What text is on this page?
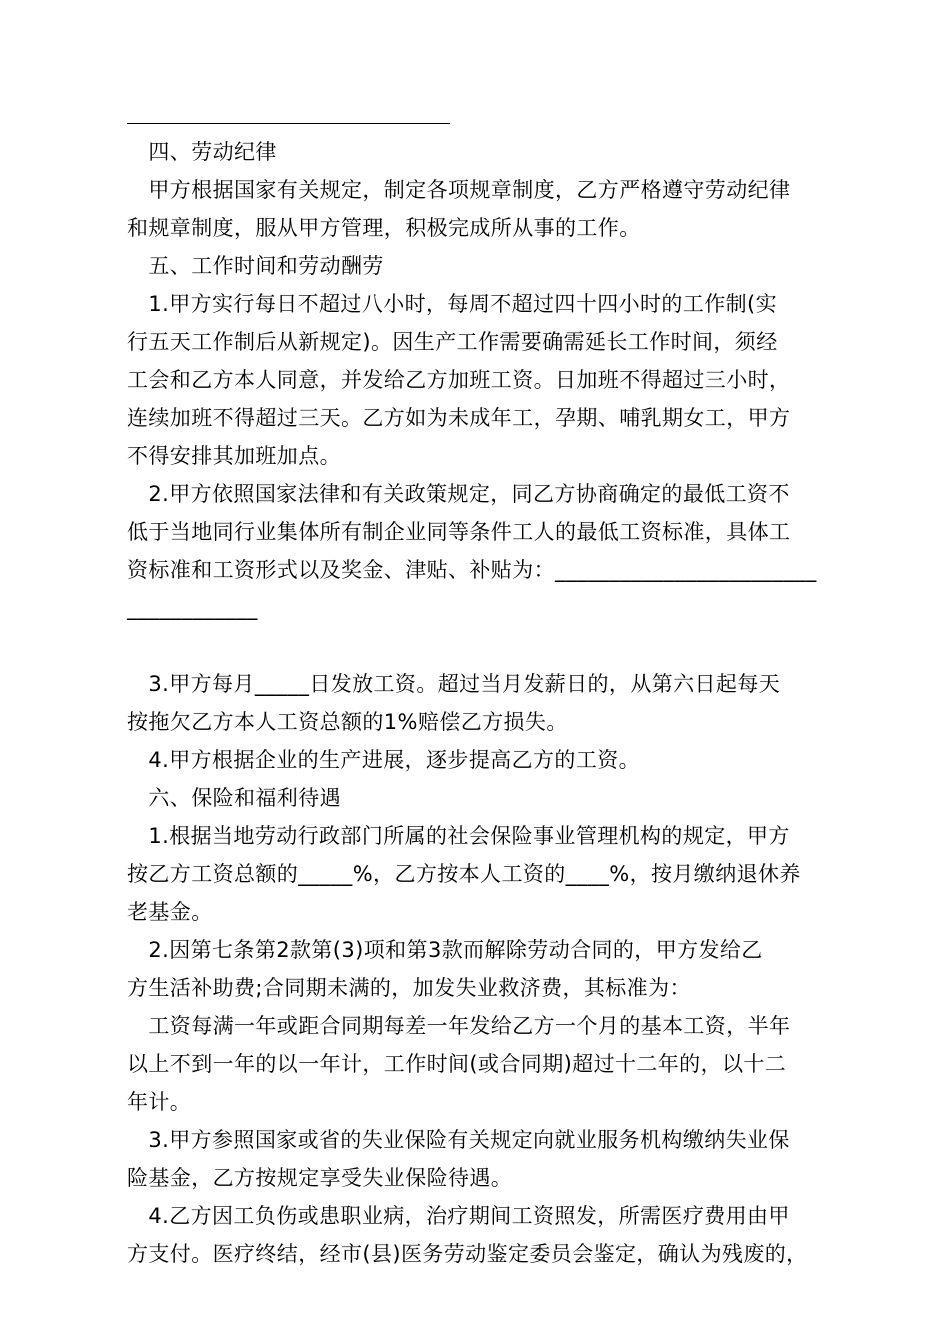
　四、劳动纪律
　甲方根据国家有关规定，制定各项规章制度，乙方严格遵守劳动纪律
和规章制度，服从甲方管理，积极完成所从事的工作。
　五、工作时间和劳动酬劳
　1.甲方实行每日不超过八小时，每周不超过四十四小时的工作制(实
行五天工作制后从新规定)。因生产工作需要确需延长工作时间，须经
工会和乙方本人同意，并发给乙方加班工资。日加班不得超过三小时，
连续加班不得超过三天。乙方如为未成年工，孕期、哺乳期女工，甲方
不得安排其加班加点。
　2.甲方依照国家法律和有关政策规定，同乙方协商确定的最低工资不
低于当地同行业集体所有制企业同等条件工人的最低工资标准，具体工
资标准和工资形式以及奖金、津贴、补贴为：________________________
____________
　3.甲方每月_____日发放工资。超过当月发薪日的，从第六日起每天
按拖欠乙方本人工资总额的1%赔偿乙方损失。
　4.甲方根据企业的生产进展，逐步提高乙方的工资。
　六、保险和福利待遇
　1.根据当地劳动行政部门所属的社会保险事业管理机构的规定，甲方
按乙方工资总额的_____%，乙方按本人工资的____%，按月缴纳退休养
老基金。
　2.因第七条第2款第(3)项和第3款而解除劳动合同的，甲方发给乙
方生活补助费;合同期未满的，加发失业救济费，其标准为：
　工资每满一年或距合同期每差一年发给乙方一个月的基本工资，半年
以上不到一年的以一年计，工作时间(或合同期)超过十二年的，以十二
年计。
　3.甲方参照国家或省的失业保险有关规定向就业服务机构缴纳失业保
险基金，乙方按规定享受失业保险待遇。
　4.乙方因工负伤或患职业病，治疗期间工资照发，所需医疗费用由甲
方支付。医疗终结，经市(县)医务劳动鉴定委员会鉴定，确认为残废的，
